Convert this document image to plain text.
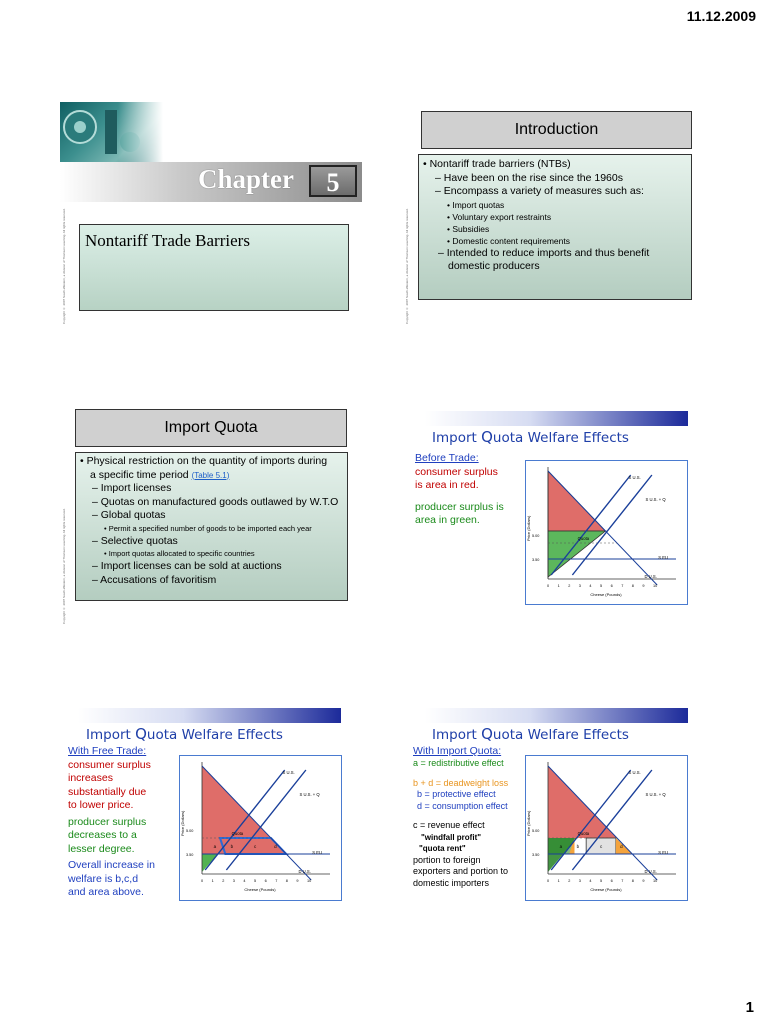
11.12.2009
1
Chapter	5
Copyright © 2007 South-Western, a division of Thomson Learning. All rights reserved. Nontariff Trade Barriers
Introduction
Copyright © 2007 South-Western, a division of Thomson Learning. All rights reserved.
• Nontariff trade barriers (NTBs)
– Have been on the rise since the 1960s
– Encompass a variety of measures such as:
• Import quotas
• Voluntary export restraints
• Subsidies
• Domestic content requirements
– Intended to reduce imports and thus benefit domestic producers
Import Quota
Copyright © 2007 South-Western, a division of Thomson Learning. All rights reserved.
• Physical restriction on the quantity of imports during a specific time period (Table 5.1)
– Import licenses
– Quotas on manufactured goods outlawed by W.T.O
– Global quotas
• Permit a specified number of goods to be imported each year
– Selective quotas
• Import quotas allocated to specific countries
– Import licenses can be sold at auctions
– Accusations of favoritism
Import Quota Welfare Effects
Before Trade:
consumer surplus
is area in red.
producer surplus is
area in green.
S U.S.
S U.S. + Q
S EU
D U.S.
Quota
5.00
3.50
0 1 2 3 4 5 6 7 8 9 10
Cheese (Pounds)
Price (Dollars)
Import Quota Welfare Effects
With Free Trade:
consumer surplus
increases
substantially due
to lower price.
producer surplus
decreases to a
lesser degree.
Overall increase in
welfare is b,c,d
and area above.
S U.S.
S U.S. + Q
S EU
D U.S.
Quota
5.00
3.50
0 1 2 3 4 5 6 7 8 9 10
Cheese (Pounds)
Price (Dollars)
a	b	c	d
Import Quota Welfare Effects
With Import Quota:
a = redistributive effect
b + d = deadweight loss
b = protective effect
d = consumption effect
c = revenue effect
"windfall profit"
"quota rent"
portion to foreign
exporters and portion to
domestic importers
S U.S.
S U.S. + Q
S EU
D U.S.
Quota
5.00
3.50
0 1 2 3 4 5 6 7 8 9 10
Cheese (Pounds)
Price (Dollars)
a	b	c	d
